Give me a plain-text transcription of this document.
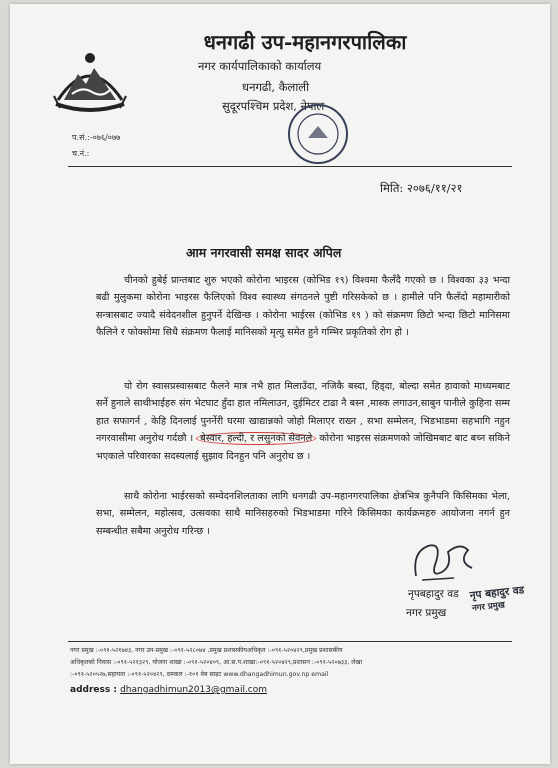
धनगढी उप-महानगरपालिका
नगर कार्यपालिकाको कार्यालय
धनगढी, कैलाली
सुदूरपश्चिम प्रदेश, नेपाल
प.सं.:-०७६/०७७
च.नं.:
मिति: २०७६/११/२१
आम नगरवासी समक्ष सादर अपिल

चीनको हुबेई प्रान्तबाट शुरु भएको कोरोना भाइरस (कोभिड १९) विश्वमा फैलँदै गएको छ । विश्वका ३३ भन्दा बढी मुलुकमा कोरोना भाइरस फैलिएको विश्व स्वास्थ्य संगठनले पुष्टी गरिसकेको छ । हामीले पनि फैलँदो महामारीको सन्त्रासबाट ज्यादै संवेदनशील हुनुपर्ने देखिन्छ । कोरोना भाईरस (कोभिड १९ ) को संक्रमण छिटो भन्दा छिटो मानिसमा फैलिने र फोक्सोमा सिधै संक्रमण फैलाई मानिसको मृत्यु समेत हुने गम्भिर प्रकृतिको रोग हो ।

यो रोग स्वासप्रस्वासबाट फैलने मात्र नभै हात मिलाउँदा, नजिकै बस्दा, हिड्दा, बोल्दा समेत हावाको माध्यमबाट सर्ने हुनाले साथीभाईहरु संग भेटघाट हुँदा हात नमिलाउन, दुईमिटर टाढा नै बस्न ,मास्क लगाउन,साबुन पानीले कुहिना सम्म हात सफागर्न , केहि दिनलाई पुनर्नेरी घरमा खाद्यान्नको जोहो मिलाएर राख्न , सभा सम्मेलन, भिडभाडमा सहभागि नहुन नगरवासीमा अनुरोध गर्दछौ । बेस्वार, हल्दी, र लसुनको सेवनले कोरोना भाइरस संक्रमणको जोखिमबाट बाट बच्न सकिने भएकाले परिवारका सदस्यलाई सुझाव दिनहुन पनि अनुरोध छ ।

साथै कोरोना भाईरसको सम्वेदनशिलताका लागि धनगढी उप-महानगरपालिका क्षेत्रभित्र कुनैपनि किसिमका भेला, सभा, सम्मेलन, महोत्सव, उत्सवका साथै मानिसहरुको भिडभाडमा गरिने किसिमका कार्यक्रमहरु आयोजना नगर्न हुन सम्बन्धीत सबैमा अनुरोध गरिन्छ ।

नृपबहादुर वड
नगर प्रमुख
नृप बहादुर वड
नगर प्रमुख
नगर प्रमुख :-०९१-५२१७४३, नगर उप-प्रमुख :-०९१-५२८०७४ ,प्रमुख प्रशासकीयअधिकृत :-०९१-५२०४२९,प्रमुख प्रशासकीय
अधिकृतको निवास :-०९१-५२१३२९, योजना शाखा :-०९१-५२०४०९, आ.स.प.शाखा:-०९१-५२०४२९,प्रशासन :-०९१-५२०७३३, लेखा
:-०९१-५२०५२७,सहायता :-०९१-५२०४२९, दमकल :-१०१ वेब साइट www.dhangadhimun.gov.np email
address : dhangadhimun2013@gmail.com
